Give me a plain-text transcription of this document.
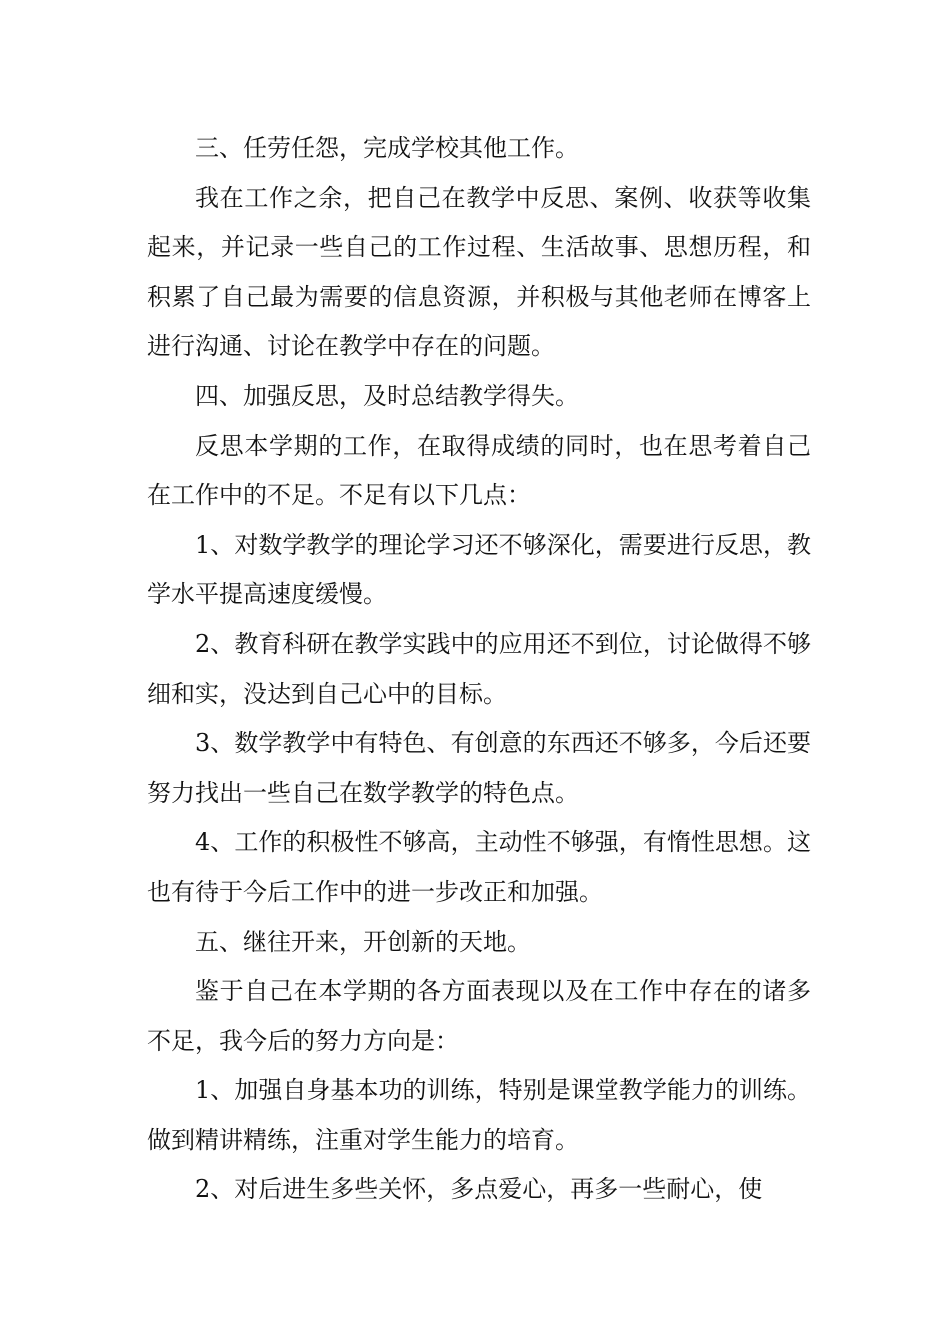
三、任劳任怨，完成学校其他工作。

我在工作之余，把自己在教学中反思、案例、收获等收集起来，并记录一些自己的工作过程、生活故事、思想历程，和积累了自己最为需要的信息资源，并积极与其他老师在博客上进行沟通、讨论在教学中存在的问题。

四、加强反思，及时总结教学得失。

反思本学期的工作，在取得成绩的同时，也在思考着自己在工作中的不足。不足有以下几点：

1、对数学教学的理论学习还不够深化，需要进行反思，教学水平提高速度缓慢。

2、教育科研在教学实践中的应用还不到位，讨论做得不够细和实，没达到自己心中的目标。

3、数学教学中有特色、有创意的东西还不够多，今后还要努力找出一些自己在数学教学的特色点。

4、工作的积极性不够高，主动性不够强，有惰性思想。这也有待于今后工作中的进一步改正和加强。

五、继往开来，开创新的天地。

鉴于自己在本学期的各方面表现以及在工作中存在的诸多不足，我今后的努力方向是：

1、加强自身基本功的训练，特别是课堂教学能力的训练。做到精讲精练，注重对学生能力的培育。

2、对后进生多些关怀，多点爱心，再多一些耐心，使
